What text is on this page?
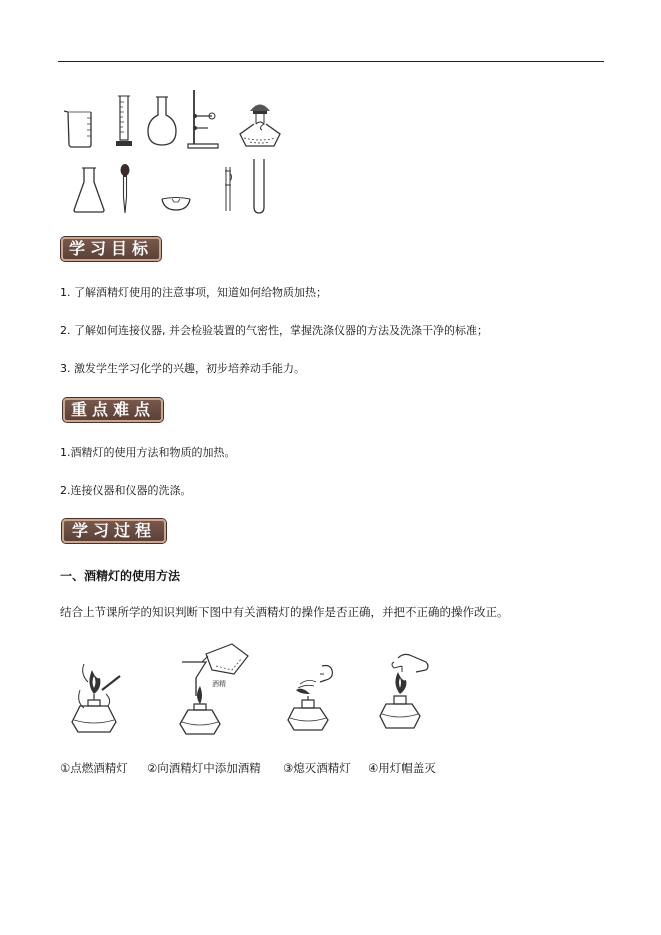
学习目标
1. 了解酒精灯使用的注意事项，知道如何给物质加热；
2. 了解如何连接仪器, 并会检验装置的气密性，掌握洗涤仪器的方法及洗涤干净的标准；
3. 激发学生学习化学的兴趣，初步培养动手能力。
重点难点
1.酒精灯的使用方法和物质的加热。
2.连接仪器和仪器的洗涤。
学习过程
一、酒精灯的使用方法
结合上节课所学的知识判断下图中有关酒精灯的操作是否正确，并把不正确的操作改正。
酒精
①点燃酒精灯 ②向酒精灯中添加酒精 ③熄灭酒精灯 ④用灯帽盖灭
